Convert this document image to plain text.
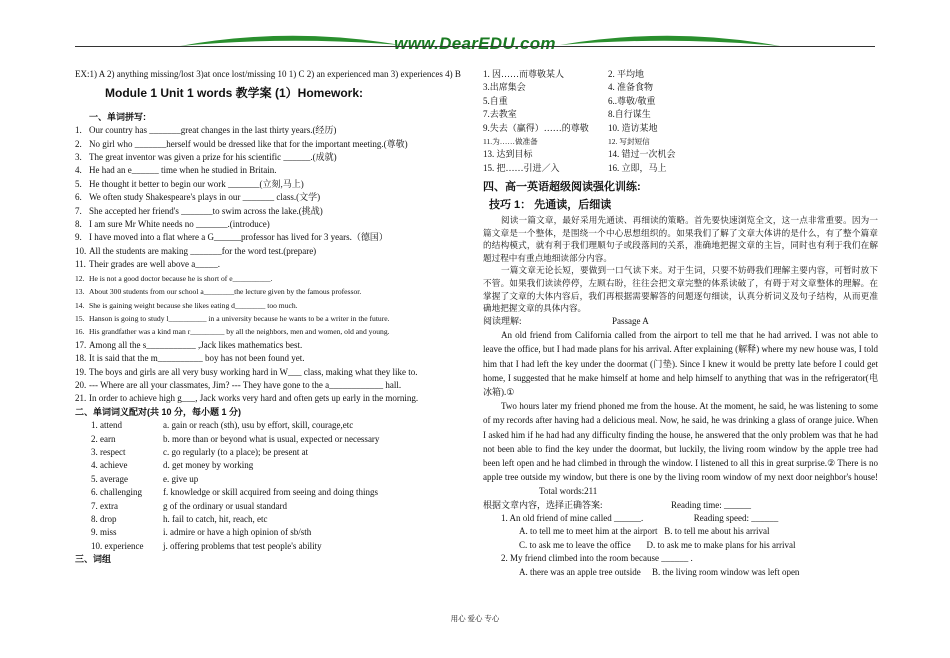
www.DearEDU.com
EX:1) A 2) anything missing/lost 3)at once lost/missing 10 1) C 2) an experienced man 3) experiences 4) B
Module 1 Unit 1 words 教学案 (1）Homework:
一、单词拼写:
1. Our country has _______great changes in the last thirty years.(经历)
2. No girl who _______herself would be dressed like that for the important meeting.(尊敬)
3. The great inventor was given a prize for his scientific ______.(成就)
4. He had an e______ time when he studied in Britain.
5. He thought it better to begin our work _______(立刻,马上)
6. We often study Shakespeare's plays in our _______ class.(文学)
7. She accepted her friend's _______to swim across the lake.(挑战)
8. I am sure Mr White needs no _______.(introduce)
9. I have moved into a flat where a G______professor has lived for 3 years.（德国）
10. All the students are making _______for the word test.(prepare)
11. Their grades are well above a_____.
12. He is not a good doctor because he is short of e__________.
13. About 300 students from our school a________the lecture given by the famous professor.
14. She is gaining weight because she likes eating d________ too much.
15. Hanson is going to study l__________ in a university because he wants to be a writer in the future.
16. His grandfather was a kind man r_________ by all the neighbors, men and women, old and young.
17. Among all the s___________ ,Jack likes mathematics best.
18. It is said that the m__________ boy has not been found yet.
19. The boys and girls are all very busy working hard in W___ class, making what they like to.
20. --- Where are all your classmates, Jim? --- They have gone to the a____________ hall.
21. In order to achieve high g___, Jack works very hard and often gets up early in the morning.
二、单词词义配对(共 10 分，每小题 1 分)
1. attend	a. gain or reach (sth), usu by effort, skill, courage,etc
2. earn	b. more than or beyond what is usual, expected or necessary
3. respect	c. go regularly (to a place); be present at
4. achieve	d. get money by working
5. average	e. give up
6. challenging f. knowledge or skill acquired from seeing and doing things
7. extra	g of the ordinary or usual standard
8. drop	h. fail to catch, hit, reach, etc
9. miss	i. admire or have a high opinion of sb/sth
10. experience j. offering problems that test people's ability
三、词组
1. 因……而尊敬某人	2. 平均地
3.出席集会	4. 准备食物
5.自重	6..尊敬/敬重
7.去教室	8.自行谋生
9.失去（赢得）……的尊敬	10. 造访某地
11.为……做准备	12. 写封短信
13. 达到目标	14. 错过一次机会
15. 把……引进／入	16. 立即，马上
四、高一英语超级阅读强化训练:
技巧 1： 先通读，后细读
阅读一篇文章，最好采用先通读、再细读的策略。首先要快速浏览全文，这一点非常重要。因为一篇文章是一个整体，是围绕一个中心思想组织的。如果我们了解了文章大体讲的是什么，有了整个篇章的结构模式，就有利于我们理顺句子或段落间的关系，准确地把握文章的主旨，同时也有利于我们在解题过程中有重点地细读部分内容。
一篇文章无论长短，要做到一口气读下来。对于生词，只要不妨碍我们理解主要内容，可暂时放下不管。如果我们读读停停，左顾右盼，往往会把文章完整的体系读破了，有碍于对文章整体的理解。在掌握了文章的大体内容后，我们再根据需要解答的问题逐句细读，认真分析词义及句子结构，从而更准确地把握文章的具体内容。
阅读理解:	Passage A
An old friend from California called from the airport to tell me that he had arrived. I was not able to leave the office, but I had made plans for his arrival. After explaining (解释) where my new house was, I told him that I had left the key under the doormat (门垫). Since I knew it would be pretty late before I could get home, I suggested that he make himself at home and help himself to anything that was in the refrigerator(电冰箱).①
Two hours later my friend phoned me from the house. At the moment, he said, he was listening to some of my records after having had a delicious meal. Now, he said, he was drinking a glass of orange juice. When I asked him if he had had any difficulty finding the house, he answered that the only problem was that he had not been able to find the key under the doormat, but luckily, the living room window by the apple tree had been left open and he had climbed in through the window. I listened to all this in great surprise.② There is no apple tree outside my window, but there is one by the living room window of my next door neighbor's house!Total words:211
根据文章内容，选择正确答案:	Reading time: ______
1. An old friend of mine called ______.	Reading speed: ______
A. to tell me to meet him at the airport B. to tell me about his arrival
C. to ask me to leave the office D. to ask me to make plans for his arrival
2. My friend climbed into the room because ______ .
A. there was an apple tree outside B. the living room window was left open
用心 爱心 专心
